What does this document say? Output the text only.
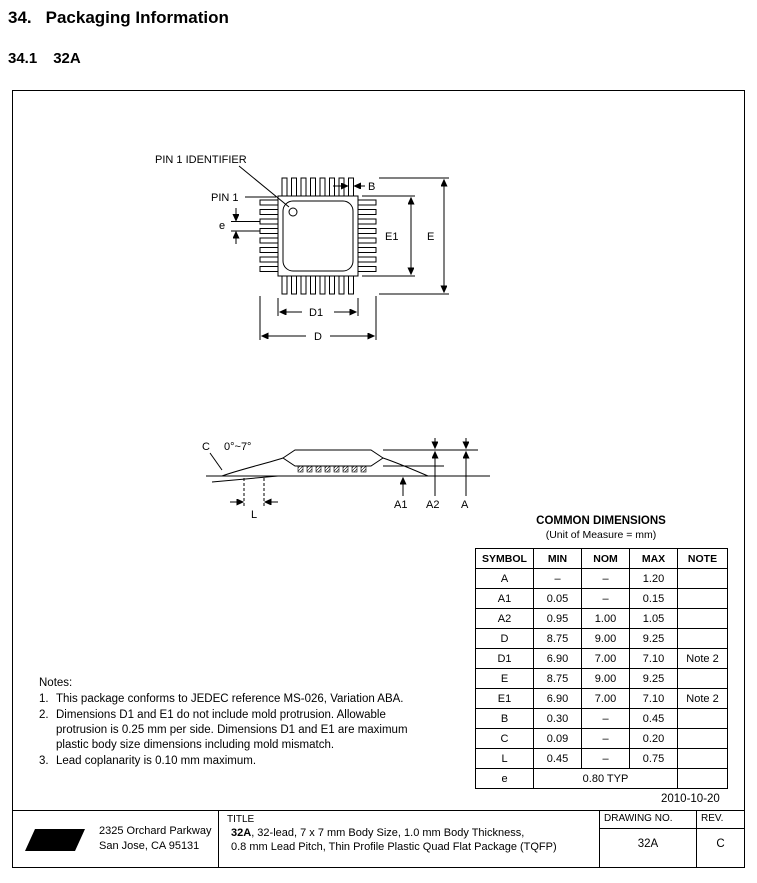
34. Packaging Information
34.1 32A
PIN 1 IDENTIFIER
PIN 1
e
B
E1	E
D1
D
C 0°~7°
L
A1 A2 A
COMMON DIMENSIONS
(Unit of Measure = mm)
SYMBOL	MIN	NOM	MAX	NOTE
A	–	–	1.20	
A1	0.05	–	0.15	
A2	0.95	1.00	1.05	
D	8.75	9.00	9.25	
D1	6.90	7.00	7.10	Note 2
E	8.75	9.00	9.25	
E1	6.90	7.00	7.10	Note 2
B	0.30	–	0.45	
C	0.09	–	0.20	
L	0.45	–	0.75	
e	0.80 TYP			
Notes:
1. This package conforms to JEDEC reference MS-026, Variation ABA.
2. Dimensions D1 and E1 do not include mold protrusion. Allowable protrusion is 0.25 mm per side. Dimensions D1 and E1 are maximum plastic body size dimensions including mold mismatch.
3. Lead coplanarity is 0.10 mm maximum.
2010-10-20
ATMEL
2325 Orchard Parkway
San Jose, CA 95131
TITLE
32A, 32-lead, 7 x 7 mm Body Size, 1.0 mm Body Thickness,
0.8 mm Lead Pitch, Thin Profile Plastic Quad Flat Package (TQFP)
DRAWING NO.
32A
REV.
C
